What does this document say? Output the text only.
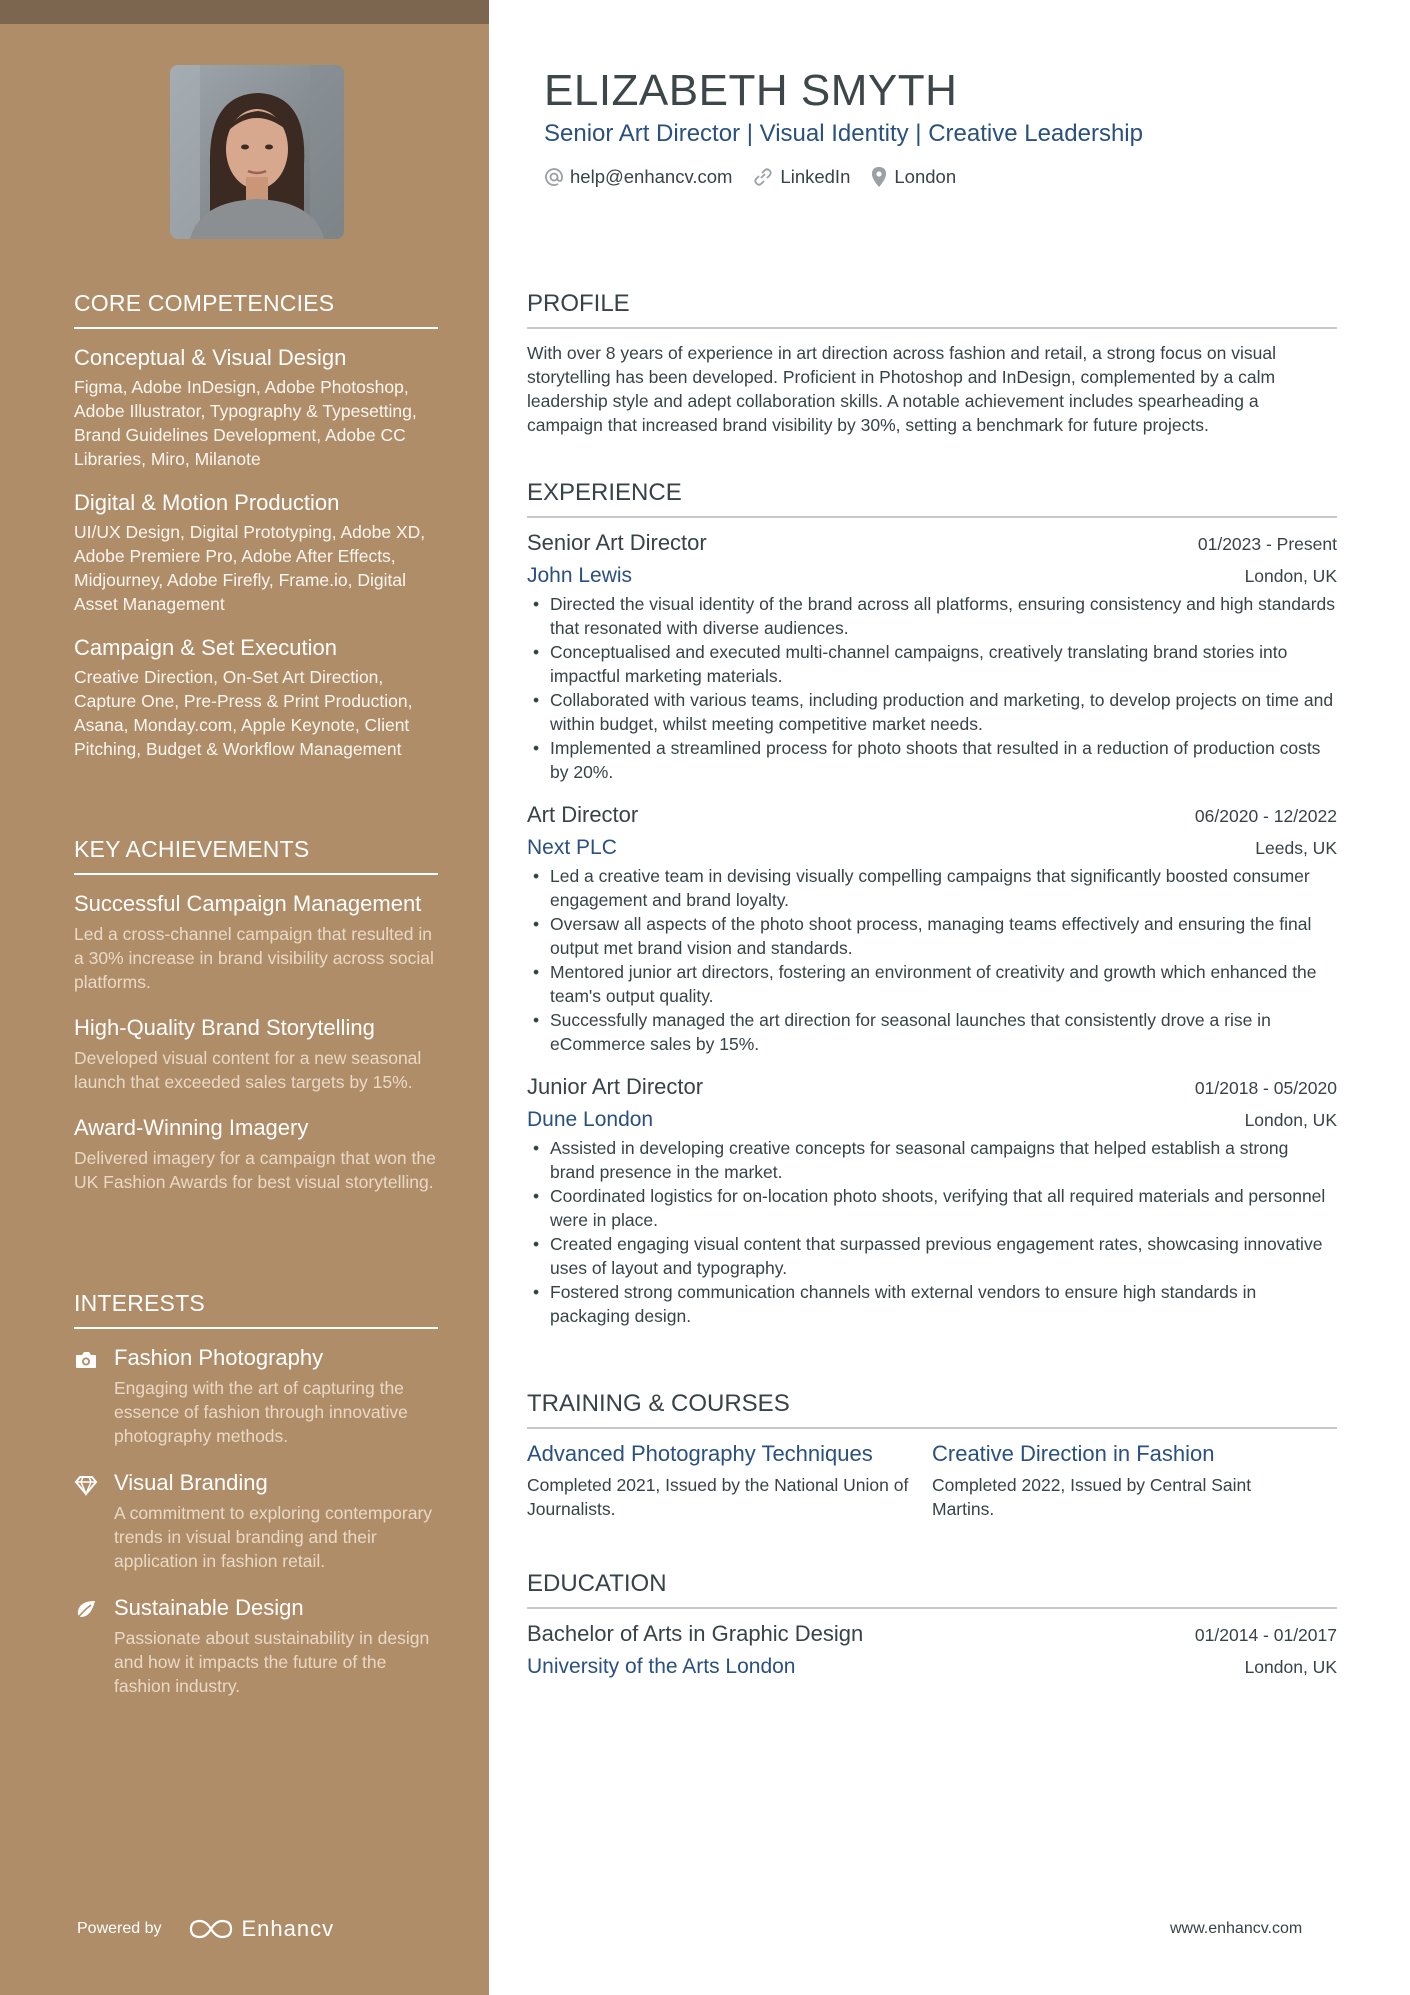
CORE COMPETENCIES
Conceptual & Visual Design
Figma, Adobe InDesign, Adobe Photoshop, Adobe Illustrator, Typography & Typesetting, Brand Guidelines Development, Adobe CC Libraries, Miro, Milanote
Digital & Motion Production
UI/UX Design, Digital Prototyping, Adobe XD, Adobe Premiere Pro, Adobe After Effects, Midjourney, Adobe Firefly, Frame.io, Digital Asset Management
Campaign & Set Execution
Creative Direction, On-Set Art Direction, Capture One, Pre-Press & Print Production, Asana, Monday.com, Apple Keynote, Client Pitching, Budget & Workflow Management
KEY ACHIEVEMENTS
Successful Campaign Management
Led a cross-channel campaign that resulted in a 30% increase in brand visibility across social platforms.
High-Quality Brand Storytelling
Developed visual content for a new seasonal launch that exceeded sales targets by 15%.
Award-Winning Imagery
Delivered imagery for a campaign that won the UK Fashion Awards for best visual storytelling.
INTERESTS
Fashion Photography
Engaging with the art of capturing the essence of fashion through innovative photography methods.
Visual Branding
A commitment to exploring contemporary trends in visual branding and their application in fashion retail.
Sustainable Design
Passionate about sustainability in design and how it impacts the future of the fashion industry.
Powered by	Enhancv
ELIZABETH SMYTH
Senior Art Director | Visual Identity | Creative Leadership
help@enhancv.com	LinkedIn London
PROFILE
With over 8 years of experience in art direction across fashion and retail, a strong focus on visual storytelling has been developed. Proficient in Photoshop and InDesign, complemented by a calm leadership style and adept collaboration skills. A notable achievement includes spearheading a campaign that increased brand visibility by 30%, setting a benchmark for future projects.
EXPERIENCE
Senior Art Director	01/2023 - Present
John Lewis	London, UK
• Directed the visual identity of the brand across all platforms, ensuring consistency and high standards that resonated with diverse audiences.
• Conceptualised and executed multi-channel campaigns, creatively translating brand stories into impactful marketing materials.
• Collaborated with various teams, including production and marketing, to develop projects on time and within budget, whilst meeting competitive market needs.
• Implemented a streamlined process for photo shoots that resulted in a reduction of production costs by 20%.
Art Director	06/2020 - 12/2022
Next PLC	Leeds, UK
• Led a creative team in devising visually compelling campaigns that significantly boosted consumer engagement and brand loyalty.
• Oversaw all aspects of the photo shoot process, managing teams effectively and ensuring the final output met brand vision and standards.
• Mentored junior art directors, fostering an environment of creativity and growth which enhanced the team's output quality.
• Successfully managed the art direction for seasonal launches that consistently drove a rise in eCommerce sales by 15%.
Junior Art Director	01/2018 - 05/2020
Dune London	London, UK
• Assisted in developing creative concepts for seasonal campaigns that helped establish a strong brand presence in the market.
• Coordinated logistics for on-location photo shoots, verifying that all required materials and personnel were in place.
• Created engaging visual content that surpassed previous engagement rates, showcasing innovative uses of layout and typography.
• Fostered strong communication channels with external vendors to ensure high standards in packaging design.
TRAINING & COURSES
Advanced Photography Techniques
Completed 2021, Issued by the National Union of Journalists.
Creative Direction in Fashion
Completed 2022, Issued by Central Saint Martins.
EDUCATION
Bachelor of Arts in Graphic Design	01/2014 - 01/2017
University of the Arts London	London, UK
www.enhancv.com
